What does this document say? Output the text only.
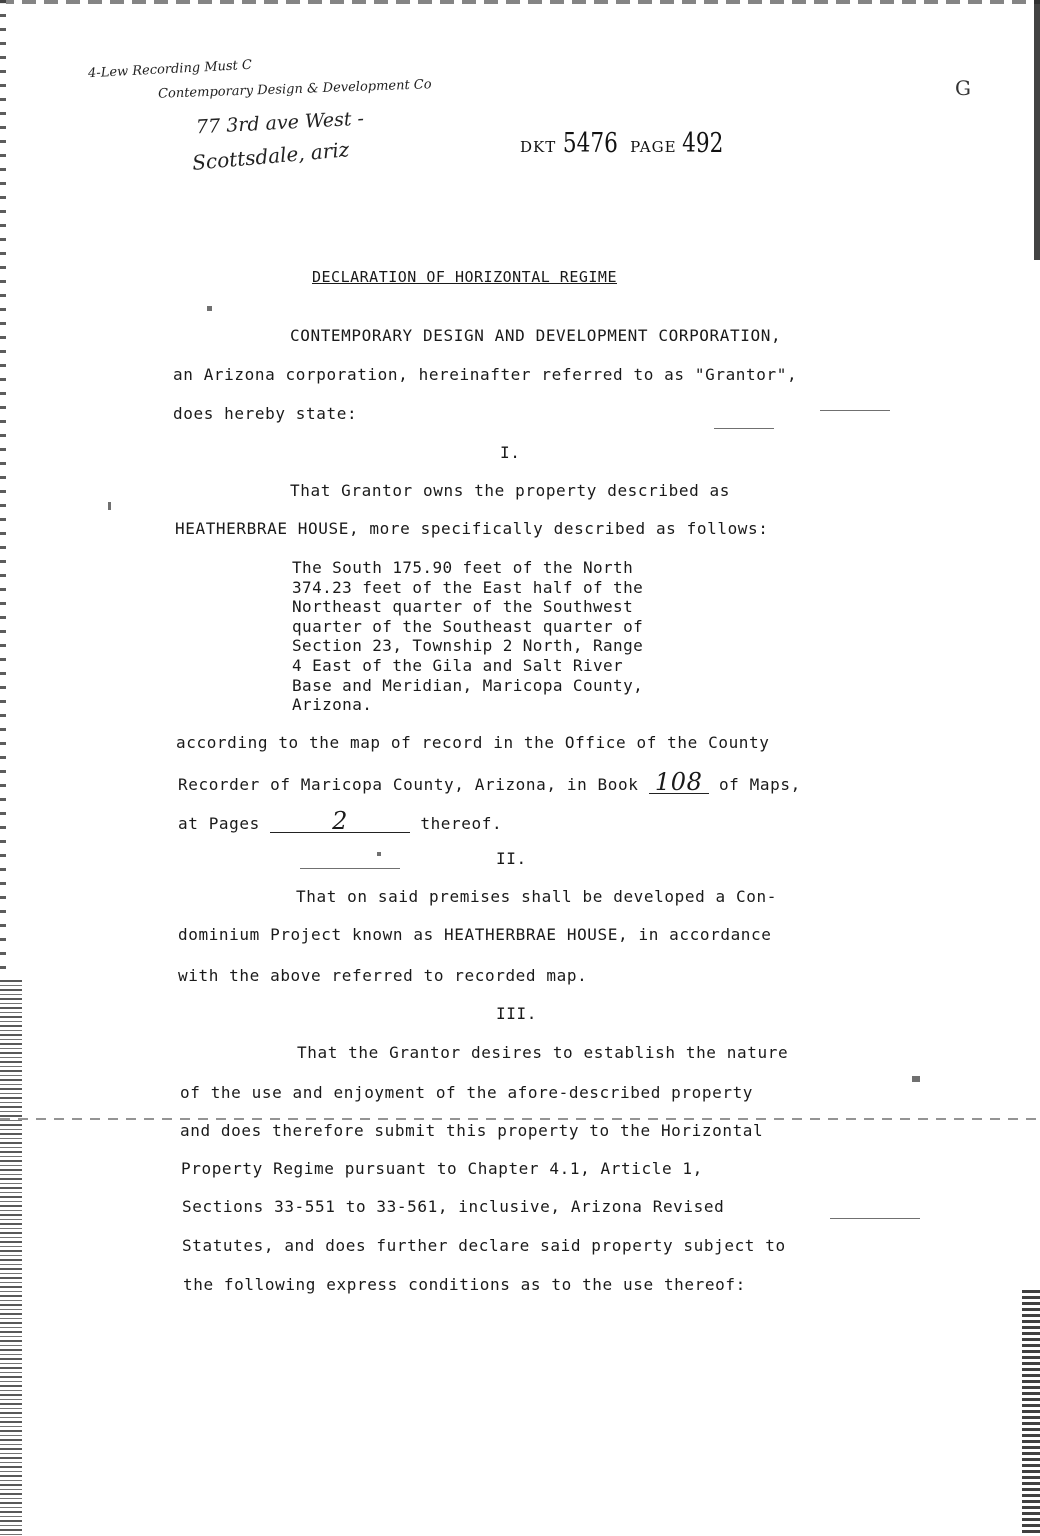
4-Lew Recording Must C
Contemporary Design & Development Co
77 3rd ave West -
Scottsdale, ariz
G
DKT 5476 PAGE 492
DECLARATION OF HORIZONTAL REGIME
CONTEMPORARY DESIGN AND DEVELOPMENT CORPORATION,
an Arizona corporation, hereinafter referred to as "Grantor",
does hereby state:
I.
That Grantor owns the property described as
HEATHERBRAE HOUSE, more specifically described as follows:
The South 175.90 feet of the North
374.23 feet of the East half of the
Northeast quarter of the Southwest
quarter of the Southeast quarter of
Section 23, Township 2 North, Range
4 East of the Gila and Salt River
Base and Meridian, Maricopa County,
Arizona.
according to the map of record in the Office of the County
Recorder of Maricopa County, Arizona, in Book 108 of Maps,
at Pages	2	thereof.
II.
That on said premises shall be developed a Con-
dominium Project known as HEATHERBRAE HOUSE, in accordance
with the above referred to recorded map.
III.
That the Grantor desires to establish the nature
of the use and enjoyment of the afore-described property
and does therefore submit this property to the Horizontal
Property Regime pursuant to Chapter 4.1, Article 1,
Sections 33-551 to 33-561, inclusive, Arizona Revised
Statutes, and does further declare said property subject to
the following express conditions as to the use thereof:
